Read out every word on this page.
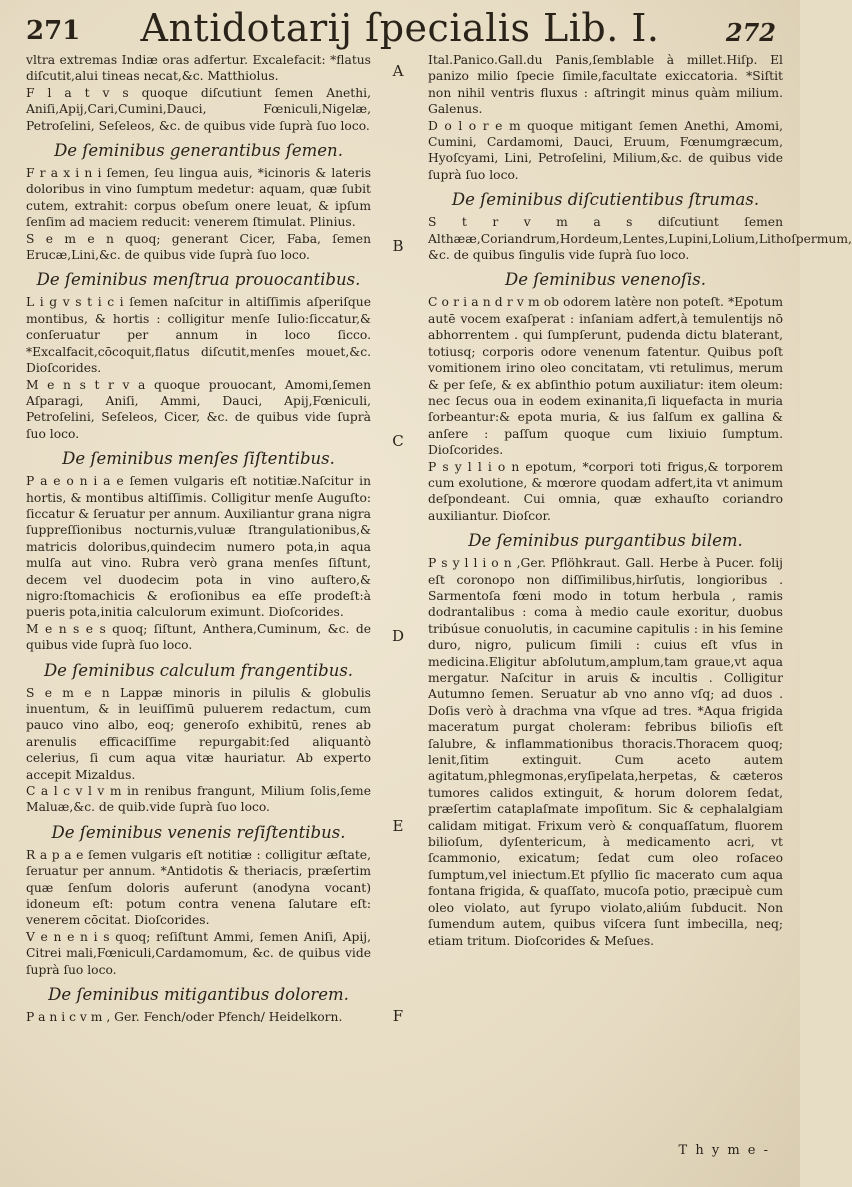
271	Antidotarij ſpecialis Lib. I.	272

vltra extremas Indiæ oras adfertur. Excalefacit: *flatus diſcutit,alui tineas necat,&c. Matthiolus.

F l a t v s quoque diſcutiunt ſemen Anethi, Aniſi,Apij,Cari,Cumini,Dauci, Fœniculi,Nigelæ, Petroſelini, Seſeleos, &c. de quibus vide ſuprà ſuo loco.

De ſeminibus generantibus ſemen.

F r a x i n i ſemen, ſeu lingua auis, *icinoris & lateris doloribus in vino ſumptum medetur: aquam, quæ ſubit cutem, extrahit: corpus obeſum onere leuat, & ipſum ſenſim ad maciem reducit: venerem ſtimulat. Plinius.

S e m e n quoq; generant Cicer, Faba, ſemen Erucæ,Lini,&c. de quibus vide ſuprà ſuo loco.

De ſeminibus menſtrua prouocantibus.

L i g v s t i c i ſemen naſcitur in altiſſimis aſperiſque montibus, & hortis : colligitur menſe Iulio:ſiccatur,& conſeruatur per annum in loco ſicco. *Excalfacit,cōcoquit,flatus diſcutit,menſes mouet,&c. Dioſcorides.

M e n s t r v a quoque prouocant, Amomi,ſemen Aſparagi, Aniſi, Ammi, Dauci, Apij,Fœniculi, Petroſelini, Seſeleos, Cicer, &c. de quibus vide ſuprà ſuo loco.

De ſeminibus menſes ſiſtentibus.

P a e o n i a e ſemen vulgaris eſt notitiæ.Naſcitur in hortis, & montibus altiſſimis. Colligitur menſe Auguſto: ſiccatur & ſeruatur per annum. Auxiliantur grana nigra ſuppreſſionibus nocturnis,vuluæ ſtrangulationibus,& matricis doloribus,quindecim numero pota,in aqua mulſa aut vino. Rubra verò grana menſes ſiſtunt, decem vel duodecim pota in vino auſtero,& nigro:ſtomachicis & eroſionibus ea eſſe prodeſt:à pueris pota,initia calculorum eximunt. Dioſcorides.

M e n s e s quoq; ſiſtunt, Anthera,Cuminum, &c. de quibus vide ſuprà ſuo loco.

De ſeminibus calculum frangentibus.

S e m e n Lappæ minoris in pilulis & globulis inuentum, & in leuiſſimū puluerem redactum, cum pauco vino albo, eoq; generoſo exhibitū, renes ab arenulis efficaciſſime repurgabit:ſed aliquantò celerius, ſi cum aqua vitæ hauriatur. Ab experto accepit Mizaldus.

C a l c v l v m in renibus frangunt, Milium ſolis,ſeme Maluæ,&c. de quib.vide ſuprà ſuo loco.

De ſeminibus venenis reſiſtentibus.

R a p a e ſemen vulgaris eſt notitiæ : colligitur æſtate, ſeruatur per annum. *Antidotis & theriacis, præſertim quæ ſenſum doloris auferunt (anodyna vocant) idoneum eſt: potum contra venena ſalutare eſt: venerem cōcitat. Dioſcorides.

V e n e n i s quoq; reſiſtunt Ammi, ſemen Aniſi, Apij, Citrei mali,Fœniculi,Cardamomum, &c. de quibus vide ſuprà ſuo loco.

De ſeminibus mitigantibus dolorem.

P a n i c v m , Ger. Fench/oder Pfench/ Heidelkorn.

A
B
C
D
E
F

Ital.Panico.Gall.du Panis,ſemblable à millet.Hiſp. El panizo milio ſpecie ſimile,facultate exiccatoria. *Siſtit non nihil ventris fluxus : aſtringit minus quàm milium. Galenus.

D o l o r e m quoque mitigant ſemen Anethi, Amomi, Cumini, Cardamomi, Dauci, Eruum, Fœnumgræcum, Hyoſcyami, Lini, Petroſelini, Milium,&c. de quibus vide ſuprà ſuo loco.

De ſeminibus diſcutientibus ſtrumas.

S t r v m a s diſcutiunt ſemen Althææ,Coriandrum,Hordeum,Lentes,Lupini,Lolium,Lithoſpermum, &c. de quibus ſingulis vide ſuprà ſuo loco.

De ſeminibus venenoſis.

C o r i a n d r v m ob odorem latère non poteſt. *Epotum autē vocem exaſperat : inſaniam adfert,à temulentijs nō abhorrentem . qui ſumpſerunt, pudenda dictu blaterant, totiusq; corporis odore venenum fatentur. Quibus poſt vomitionem irino oleo concitatam, vti retulimus, merum & per ſeſe, & ex abſinthio potum auxiliatur: item oleum: nec ſecus oua in eodem exinanita,ſi liquefacta in muria ſorbeantur:& epota muria, & ius ſalſum ex gallina & anſere : paſſum quoque cum lixiuio ſumptum. Dioſcorides.

P s y l l i o n epotum, *corpori toti frigus,& torporem cum exolutione, & mœrore quodam adfert,ita vt animum deſpondeant. Cui omnia, quæ exhauſto coriandro auxiliantur. Dioſcor.

De ſeminibus purgantibus bilem.

P s y l l i o n ,Ger. Pflöhkraut. Gall. Herbe à Pucer. folij eſt coronopo non diſſimilibus,hirſutis, longioribus . Sarmentoſa fœni modo in totum herbula , ramis dodrantalibus : coma à medio caule exoritur, duobus tribúsue conuolutis, in cacumine capitulis : in his ſemine duro, nigro, pulicum ſimili : cuius eſt vſus in medicina.Eligitur abſolutum,amplum,tam graue,vt aqua mergatur. Naſcitur in aruis & incultis . Colligitur Autumno ſemen. Seruatur ab vno anno vſq; ad duos . Doſis verò à drachma vna vſque ad tres. *Aqua frigida maceratum purgat choleram: febribus bilioſis eſt ſalubre, & inflammationibus thoracis.Thoracem quoq; lenit,ſitim extinguit. Cum aceto autem agitatum,phlegmonas,eryſipelata,herpetas, & cæteros tumores calidos extinguit, & horum dolorem ſedat, præſertim cataplaſmate impoſitum. Sic & cephalalgiam calidam mitigat. Frixum verò & conquaſſatum, fluorem bilioſum, dyſentericum, à medicamento acri, vt ſcammonio, exicatum; ſedat cum oleo roſaceo ſumptum,vel iniectum.Et pſyllio ſic macerato cum aqua fontana frigida, & quaſſato, mucoſa potio, præcipuè cum oleo violato, aut ſyrupo violato,aliúm ſubducit. Non ſumendum autem, quibus viſcera ſunt imbecilla, neq; etiam tritum. Dioſcorides & Meſues.

T h y m e -
